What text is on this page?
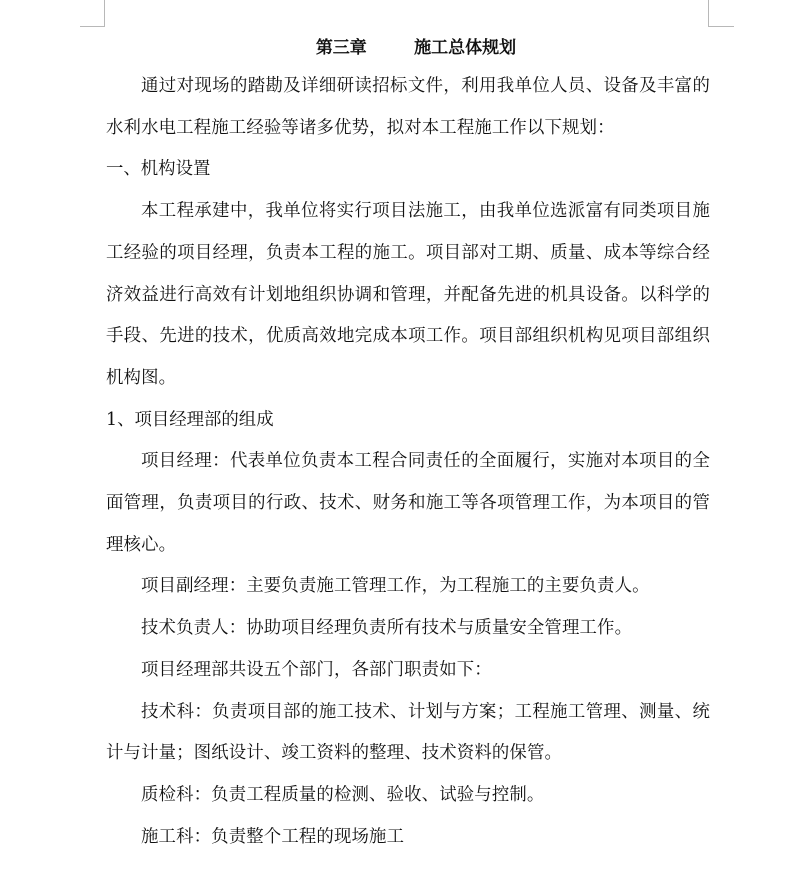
第三章        施工总体规划

通过对现场的踏勘及详细研读招标文件，利用我单位人员、设备及丰富的水利水电工程施工经验等诸多优势，拟对本工程施工作以下规划：

一、机构设置

本工程承建中，我单位将实行项目法施工，由我单位选派富有同类项目施工经验的项目经理，负责本工程的施工。项目部对工期、质量、成本等综合经济效益进行高效有计划地组织协调和管理，并配备先进的机具设备。以科学的手段、先进的技术，优质高效地完成本项工作。项目部组织机构见项目部组织机构图。

1、项目经理部的组成

项目经理：代表单位负责本工程合同责任的全面履行，实施对本项目的全面管理，负责项目的行政、技术、财务和施工等各项管理工作，为本项目的管理核心。

项目副经理：主要负责施工管理工作，为工程施工的主要负责人。

技术负责人：协助项目经理负责所有技术与质量安全管理工作。

项目经理部共设五个部门，各部门职责如下：

技术科：负责项目部的施工技术、计划与方案；工程施工管理、测量、统计与计量；图纸设计、竣工资料的整理、技术资料的保管。

质检科：负责工程质量的检测、验收、试验与控制。

施工科：负责整个工程的现场施工
